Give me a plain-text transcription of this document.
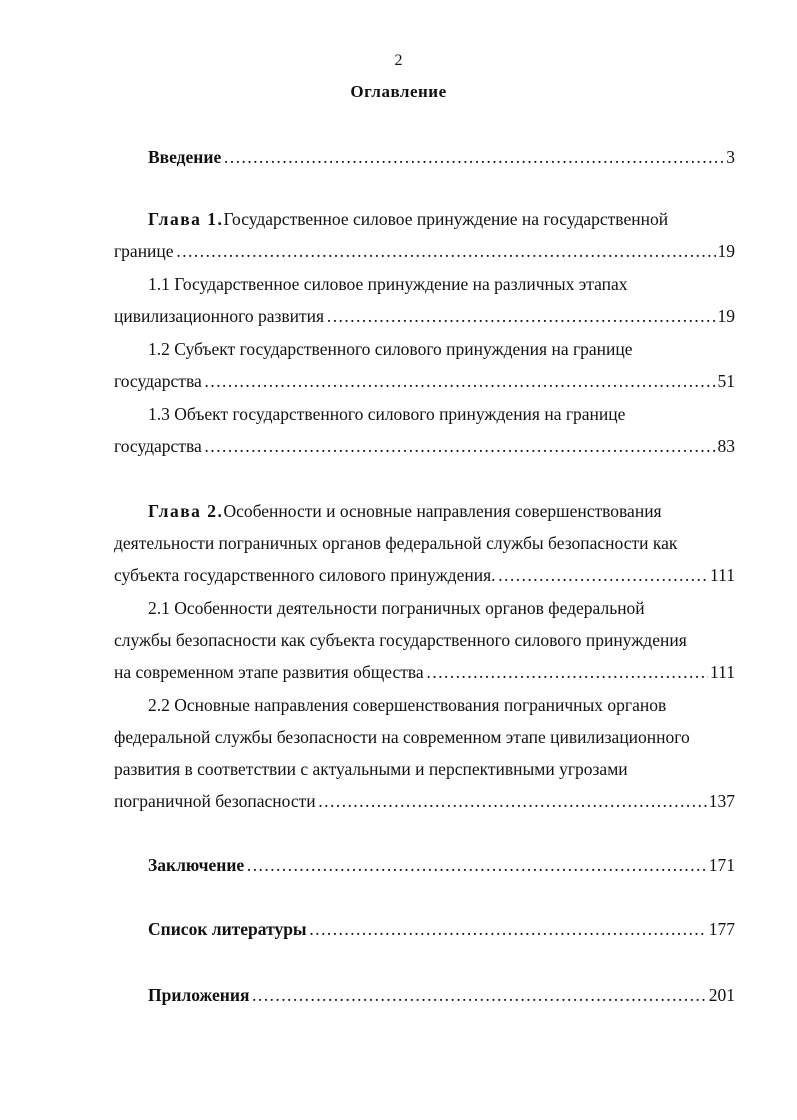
2
Оглавление
Введение ……………………………………………………………………………………………………………………………………	3
Глава 1. Государственное силовое принуждение на государственной
границе ……………………………………………………………………………………………………………………………………	19
1.1 Государственное силовое принуждение на различных этапах
цивилизационного развития ……………………………………………………………………………………………………………………………………	19
1.2 Субъект государственного силового принуждения на границе
государства ……………………………………………………………………………………………………………………………………	51
1.3 Объект государственного силового принуждения на границе
государства ……………………………………………………………………………………………………………………………………	83
Глава 2. Особенности и основные направления совершенствования
деятельности пограничных органов федеральной службы безопасности как
субъекта государственного силового принуждения. ……………………………………………………………………………………………………………………………………	111
2.1 Особенности деятельности пограничных органов федеральной
службы безопасности как субъекта государственного силового принуждения
на современном этапе развития общества ……………………………………………………………………………………………………………………………………	111
2.2 Основные направления совершенствования пограничных органов
федеральной службы безопасности на современном этапе цивилизационного
развития в соответствии с актуальными и перспективными угрозами
пограничной безопасности ……………………………………………………………………………………………………………………………………	137
Заключение ……………………………………………………………………………………………………………………………………	171
Список литературы ……………………………………………………………………………………………………………………………………	177
Приложения ……………………………………………………………………………………………………………………………………	201
